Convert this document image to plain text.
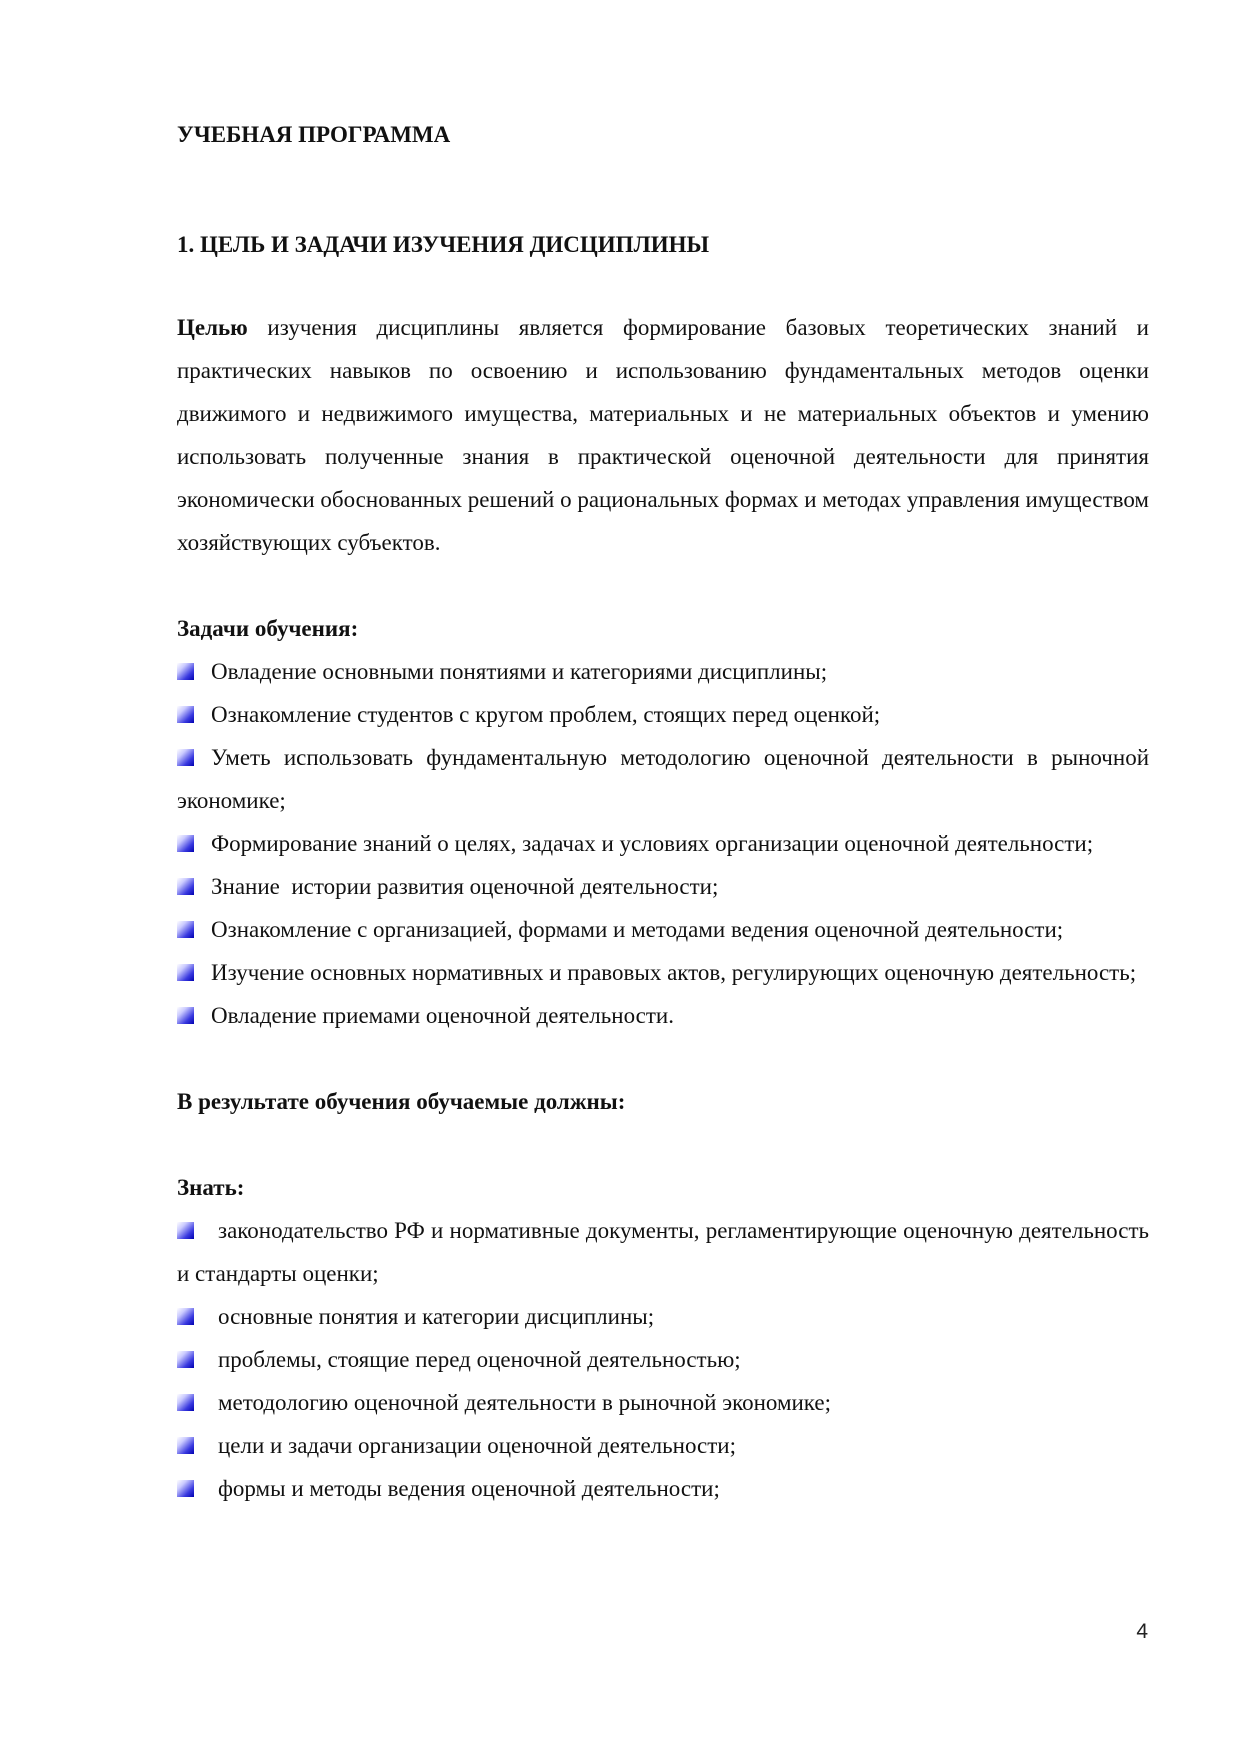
УЧЕБНАЯ ПРОГРАММА

1. ЦЕЛЬ И ЗАДАЧИ ИЗУЧЕНИЯ ДИСЦИПЛИНЫ

Целью изучения дисциплины является формирование базовых теоретических знаний и практических навыков по освоению и использованию фундаментальных методов оценки движимого и недвижимого имущества, материальных и не материальных объектов и умению использовать полученные знания в практической оценочной деятельности для принятия экономически обоснованных решений о рациональных формах и методах управления имуществом хозяйствующих субъектов.

Задачи обучения:

Овладение основными понятиями и категориями дисциплины;
Ознакомление студентов с кругом проблем, стоящих перед оценкой;
Уметь использовать фундаментальную методологию оценочной деятельности в рыночной экономике;
Формирование знаний о целях, задачах и условиях организации оценочной деятельности;
Знание  истории развития оценочной деятельности;
Ознакомление с организацией, формами и методами ведения оценочной деятельности;
Изучение основных нормативных и правовых актов, регулирующих оценочную деятельность;
Овладение приемами оценочной деятельности.

В результате обучения обучаемые должны:

Знать:

законодательство РФ и нормативные документы, регламентирующие оценочную деятельность и стандарты оценки;
основные понятия и категории дисциплины;
проблемы, стоящие перед оценочной деятельностью;
методологию оценочной деятельности в рыночной экономике;
цели и задачи организации оценочной деятельности;
формы и методы ведения оценочной деятельности;
4
